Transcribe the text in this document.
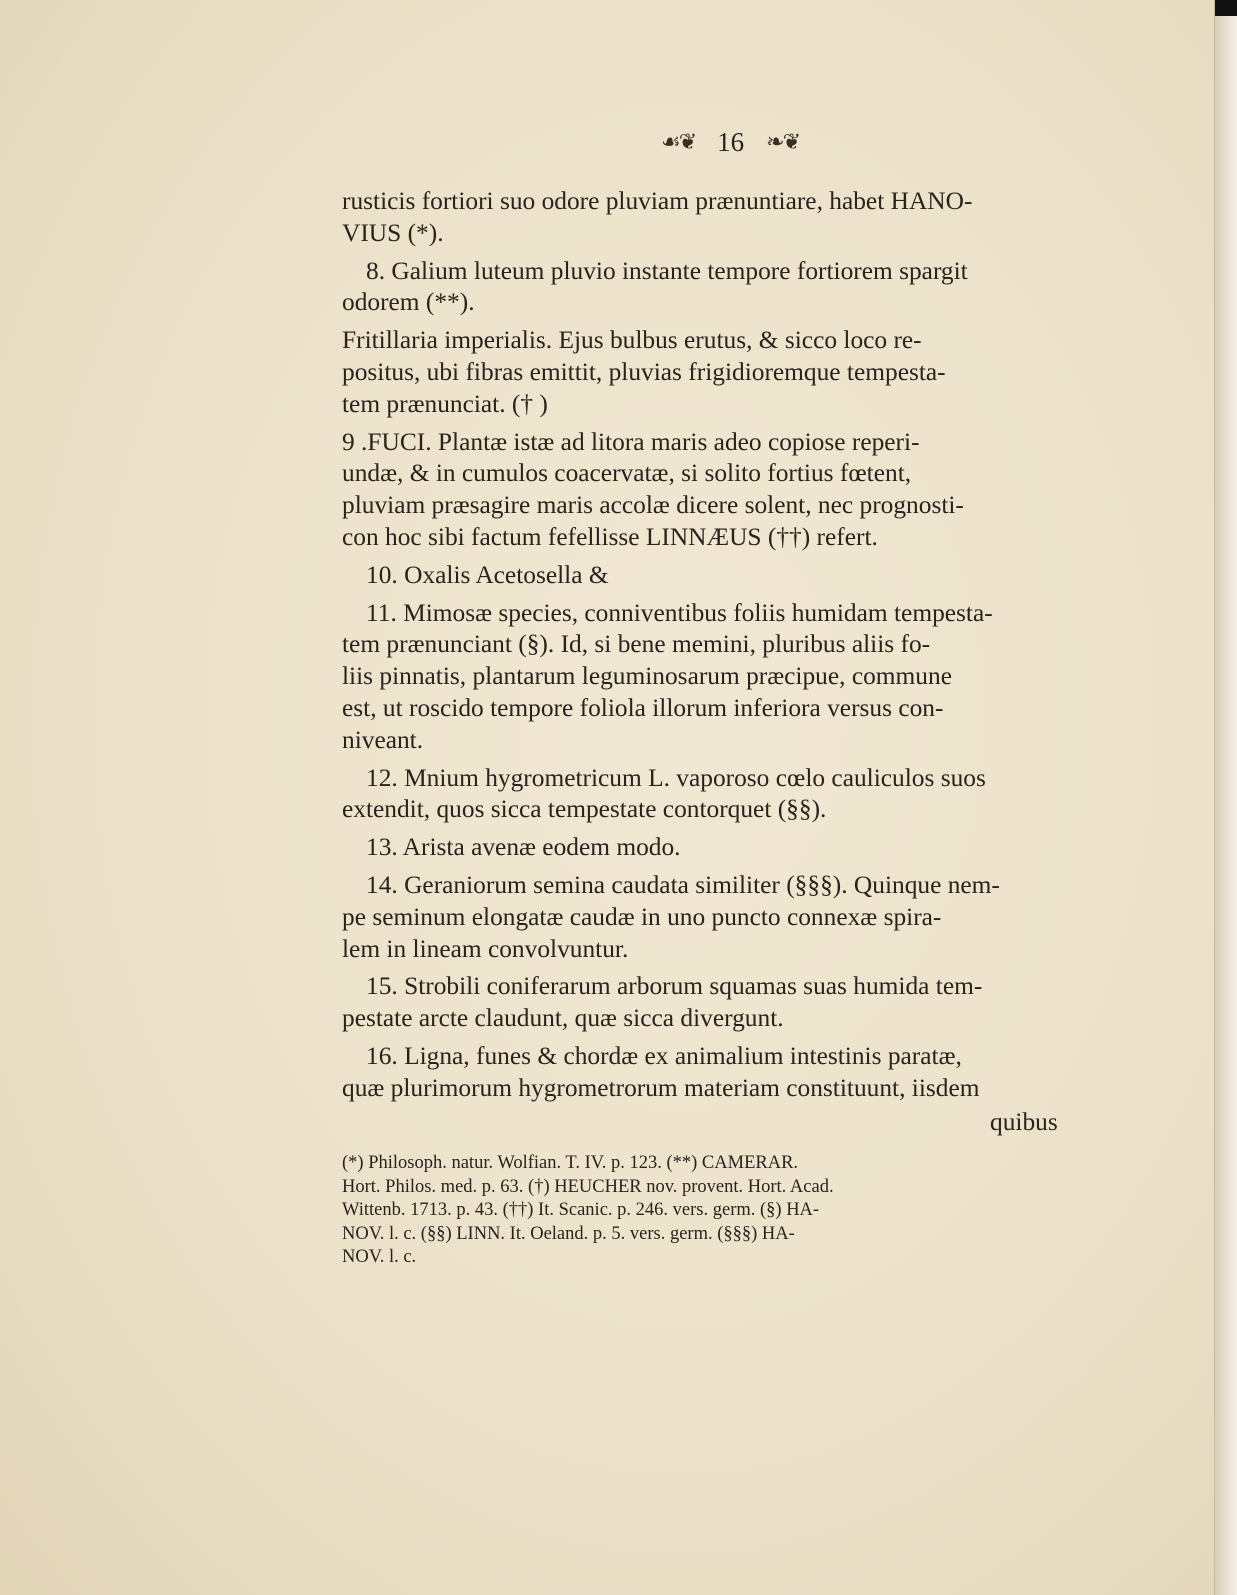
☙❦ 16 ❧❦
rusticis fortiori suo odore pluviam prænuntiare, habet HANO-
VIUS (*).
8. Galium luteum pluvio instante tempore fortiorem spargit
odorem (**).
Fritillaria imperialis. Ejus bulbus erutus, & sicco loco re-
positus, ubi fibras emittit, pluvias frigidioremque tempesta-
tem prænunciat. († )
9 .FUCI. Plantæ istæ ad litora maris adeo copiose reperi-
undæ, & in cumulos coacervatæ, si solito fortius fœtent,
pluviam præsagire maris accolæ dicere solent, nec prognosti-
con hoc sibi factum fefellisse LINNÆUS (††) refert.
10. Oxalis Acetosella &
11. Mimosæ species, conniventibus foliis humidam tempesta-
tem prænunciant (§). Id, si bene memini, pluribus aliis fo-
liis pinnatis, plantarum leguminosarum præcipue, commune
est, ut roscido tempore foliola illorum inferiora versus con-
niveant.
12. Mnium hygrometricum L. vaporoso cœlo cauliculos suos
extendit, quos sicca tempestate contorquet (§§).
13. Arista avenæ eodem modo.
14. Geraniorum semina caudata similiter (§§§). Quinque nem-
pe seminum elongatæ caudæ in uno puncto connexæ spira-
lem in lineam convolvuntur.
15. Strobili coniferarum arborum squamas suas humida tem-
pestate arcte claudunt, quæ sicca divergunt.
16. Ligna, funes & chordæ ex animalium intestinis paratæ,
quæ plurimorum hygrometrorum materiam constituunt, iisdem
quibus
(*) Philosoph. natur. Wolfian. T. IV. p. 123. (**) CAMERAR.
Hort. Philos. med. p. 63. (†) HEUCHER nov. provent. Hort. Acad.
Wittenb. 1713. p. 43. (††) It. Scanic. p. 246. vers. germ. (§) HA-
NOV. l. c. (§§) LINN. It. Oeland. p. 5. vers. germ. (§§§) HA-
NOV. l. c.
